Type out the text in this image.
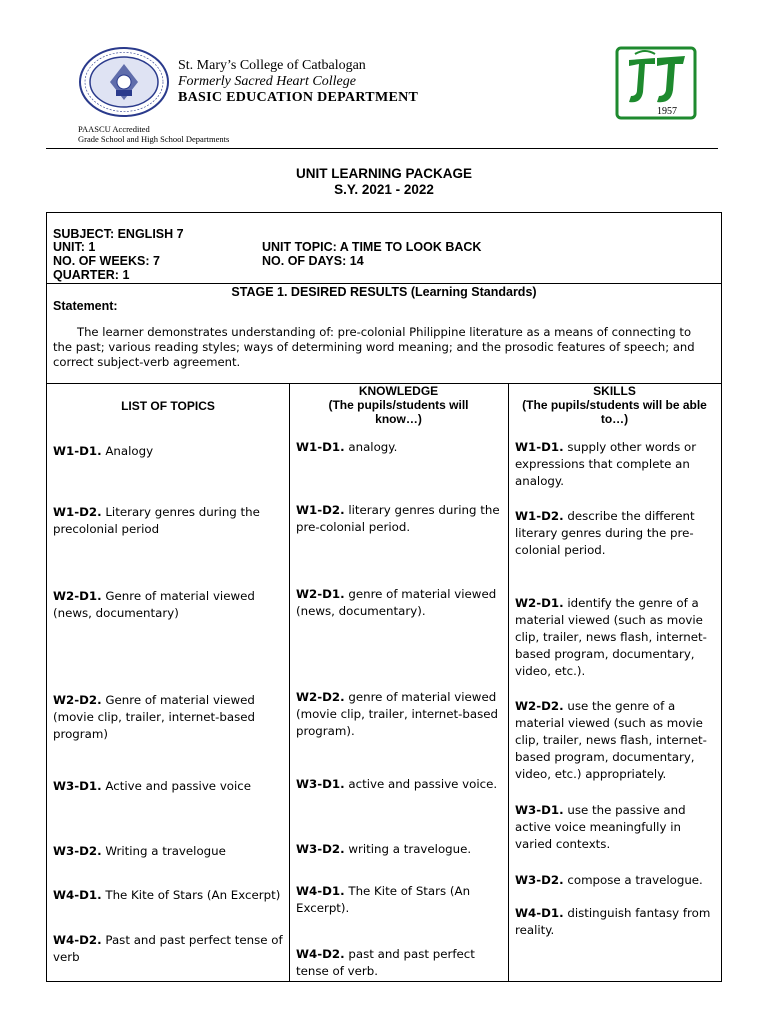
St. Mary’s College of Catbalogan
Formerly Sacred Heart College
BASIC EDUCATION DEPARTMENT
PAASCU Accredited
Grade School and High School Departments
1957
UNIT LEARNING PACKAGE
S.Y. 2021 - 2022
SUBJECT: ENGLISH 7
UNIT: 1	UNIT TOPIC: A TIME TO LOOK BACK
NO. OF WEEKS: 7	NO. OF DAYS: 14
QUARTER: 1
STAGE 1. DESIRED RESULTS (Learning Standards)
Statement:
The learner demonstrates understanding of: pre-colonial Philippine literature as a means of connecting to the past; various reading styles; ways of determining word meaning; and the prosodic features of speech; and correct subject-verb agreement.
LIST OF TOPICS
KNOWLEDGE
(The pupils/students will know…)
SKILLS
(The pupils/students will be able to…)
W1-D1. Analogy
W1-D2. Literary genres during the precolonial period
W2-D1. Genre of material viewed (news, documentary)
W2-D2. Genre of material viewed (movie clip, trailer, internet-based program)
W3-D1. Active and passive voice
W3-D2. Writing a travelogue
W4-D1. The Kite of Stars (An Excerpt)
W4-D2. Past and past perfect tense of verb
W1-D1. analogy.
W1-D2. literary genres during the pre-colonial period.
W2-D1. genre of material viewed (news, documentary).
W2-D2. genre of material viewed (movie clip, trailer, internet-based program).
W3-D1. active and passive voice.
W3-D2. writing a travelogue.
W4-D1. The Kite of Stars (An Excerpt).
W4-D2. past and past perfect tense of verb.
W1-D1. supply other words or expressions that complete an analogy.
W1-D2. describe the different literary genres during the pre-colonial period.
W2-D1. identify the genre of a material viewed (such as movie clip, trailer, news flash, internet-based program, documentary, video, etc.).
W2-D2. use the genre of a material viewed (such as movie clip, trailer, news flash, internet-based program, documentary, video, etc.) appropriately.
W3-D1. use the passive and active voice meaningfully in varied contexts.
W3-D2. compose a travelogue.
W4-D1. distinguish fantasy from reality.
